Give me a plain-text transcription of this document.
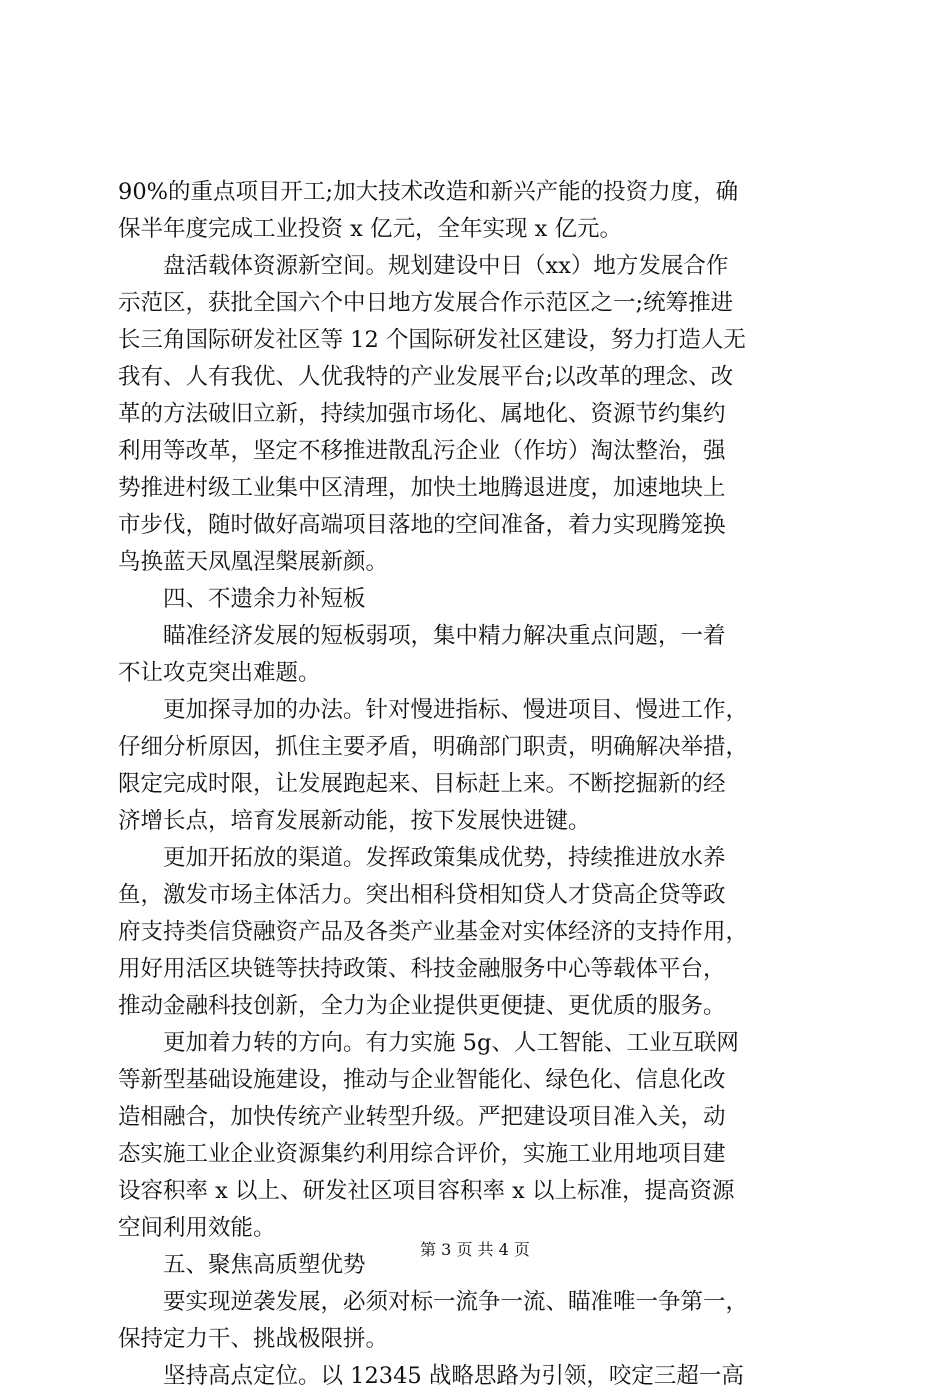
90%的重点项目开工;加大技术改造和新兴产能的投资力度，确
保半年度完成工业投资 x 亿元，全年实现 x 亿元。
　　盘活载体资源新空间。规划建设中日（xx）地方发展合作
示范区，获批全国六个中日地方发展合作示范区之一;统筹推进
长三角国际研发社区等 12 个国际研发社区建设，努力打造人无
我有、人有我优、人优我特的产业发展平台;以改革的理念、改
革的方法破旧立新，持续加强市场化、属地化、资源节约集约
利用等改革，坚定不移推进散乱污企业（作坊）淘汰整治，强
势推进村级工业集中区清理，加快土地腾退进度，加速地块上
市步伐，随时做好高端项目落地的空间准备，着力实现腾笼换
鸟换蓝天凤凰涅槃展新颜。
　　四、不遗余力补短板
　　瞄准经济发展的短板弱项，集中精力解决重点问题，一着
不让攻克突出难题。
　　更加探寻加的办法。针对慢进指标、慢进项目、慢进工作，
仔细分析原因，抓住主要矛盾，明确部门职责，明确解决举措，
限定完成时限，让发展跑起来、目标赶上来。不断挖掘新的经
济增长点，培育发展新动能，按下发展快进键。
　　更加开拓放的渠道。发挥政策集成优势，持续推进放水养
鱼，激发市场主体活力。突出相科贷相知贷人才贷高企贷等政
府支持类信贷融资产品及各类产业基金对实体经济的支持作用，
用好用活区块链等扶持政策、科技金融服务中心等载体平台，
推动金融科技创新，全力为企业提供更便捷、更优质的服务。
　　更加着力转的方向。有力实施 5g、人工智能、工业互联网
等新型基础设施建设，推动与企业智能化、绿色化、信息化改
造相融合，加快传统产业转型升级。严把建设项目准入关，动
态实施工业企业资源集约利用综合评价，实施工业用地项目建
设容积率 x 以上、研发社区项目容积率 x 以上标准，提高资源
空间利用效能。
　　五、聚焦高质塑优势
　　要实现逆袭发展，必须对标一流争一流、瞄准唯一争第一，
保持定力干、挑战极限拼。
　　坚持高点定位。以 12345 战略思路为引领，咬定三超一高
第 3 页 共 4 页
